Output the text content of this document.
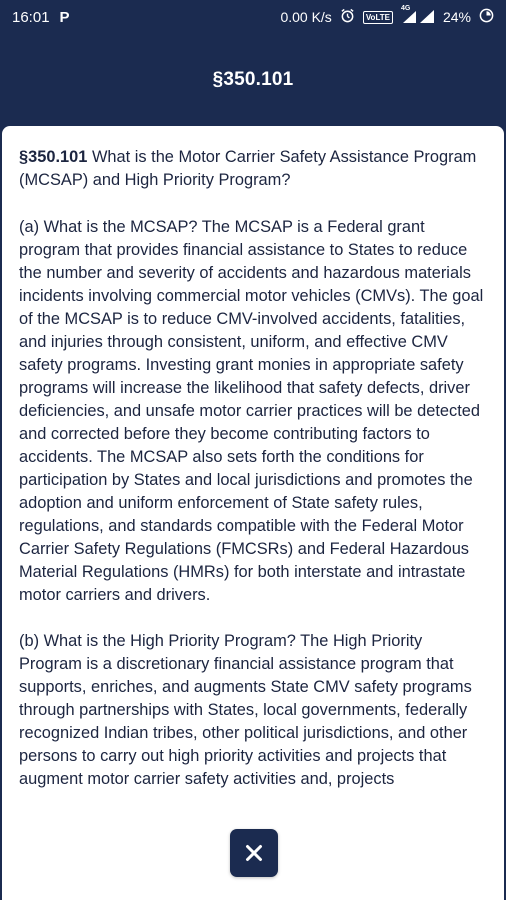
16:01 P	0.00 K/s	VoLTE
4G
24%
§350.101

§350.101 What is the Motor Carrier Safety Assistance Program (MCSAP) and High Priority Program?

(a) What is the MCSAP? The MCSAP is a Federal grant program that provides financial assistance to States to reduce the number and severity of accidents and hazardous materials incidents involving commercial motor vehicles (CMVs). The goal of the MCSAP is to reduce CMV-involved accidents, fatalities, and injuries through consistent, uniform, and effective CMV safety programs. Investing grant monies in appropriate safety programs will increase the likelihood that safety defects, driver deficiencies, and unsafe motor carrier practices will be detected and corrected before they become contributing factors to accidents. The MCSAP also sets forth the conditions for participation by States and local jurisdictions and promotes the adoption and uniform enforcement of State safety rules, regulations, and standards compatible with the Federal Motor Carrier Safety Regulations (FMCSRs) and Federal Hazardous Material Regulations (HMRs) for both interstate and intrastate motor carriers and drivers.

(b) What is the High Priority Program? The High Priority Program is a discretionary financial assistance program that supports, enriches, and augments State CMV safety programs through partnerships with States, local governments, federally recognized Indian tribes, other political jurisdictions, and other persons to carry out high priority activities and projects that augment motor carrier safety activities and, projects
